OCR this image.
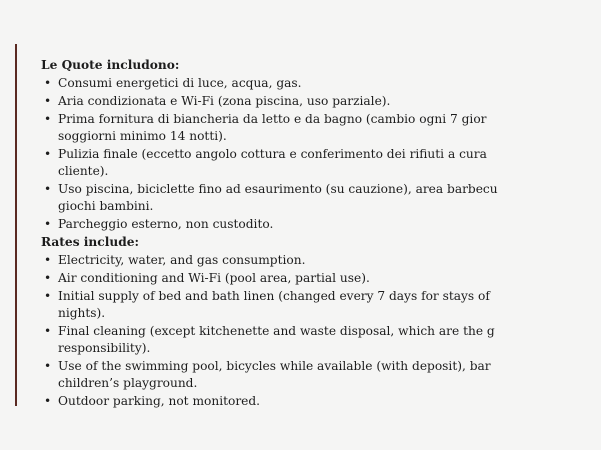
Le Quote includono:
• Consumi energetici di luce, acqua, gas.
• Aria condizionata e Wi-Fi (zona piscina, uso parziale).
• Prima fornitura di biancheria da letto e da bagno (cambio ogni 7 gior
soggiorni minimo 14 notti).
• Pulizia finale (eccetto angolo cottura e conferimento dei rifiuti a cura
cliente).
• Uso piscina, biciclette fino ad esaurimento (su cauzione), area barbecu
giochi bambini.
• Parcheggio esterno, non custodito.
Rates include:
• Electricity, water, and gas consumption.
• Air conditioning and Wi-Fi (pool area, partial use).
• Initial supply of bed and bath linen (changed every 7 days for stays of
nights).
• Final cleaning (except kitchenette and waste disposal, which are the g
responsibility).
• Use of the swimming pool, bicycles while available (with deposit), bar
children’s playground.
• Outdoor parking, not monitored.
